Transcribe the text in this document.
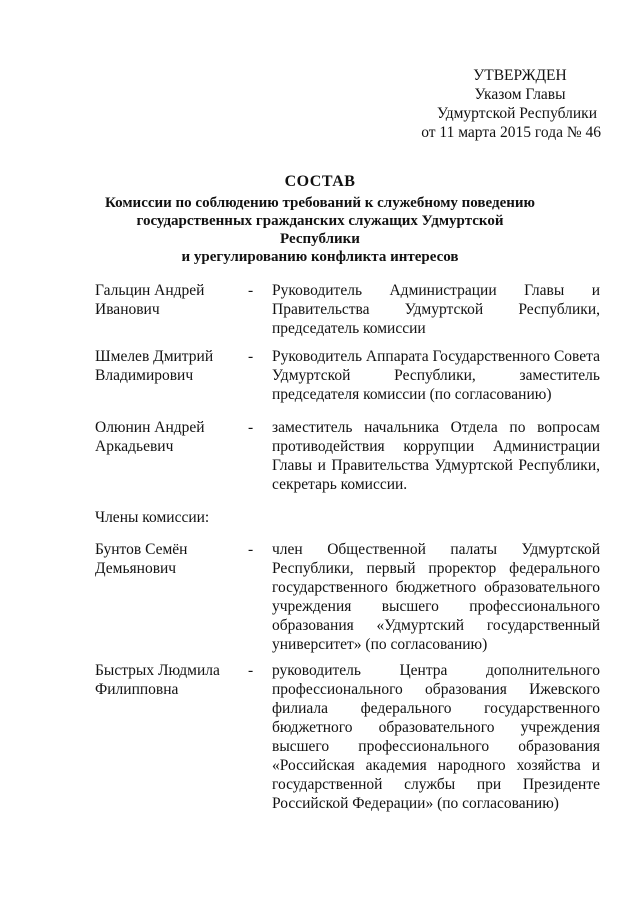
УТВЕРЖДЕН
Указом Главы
Удмуртской Республики
от 11 марта 2015 года № 46
СОСТАВ
Комиссии по соблюдению требований к служебному поведению
государственных гражданских служащих Удмуртской Республики
и урегулированию конфликта интересов
Гальцин Андрей
Иванович
-	Руководитель Администрации Главы и Правительства Удмуртской Республики, председатель комиссии
Шмелев Дмитрий
Владимирович
-	Руководитель Аппарата Государственного Совета Удмуртской Республики, заместитель председателя комиссии (по согласованию)
Олюнин Андрей
Аркадьевич
-	заместитель начальника Отдела по вопросам противодействия коррупции Администрации Главы и Правительства Удмуртской Республики, секретарь комиссии.
Члены комиссии:
Бунтов Семён
Демьянович
-	член Общественной палаты Удмуртской Республики, первый проректор федерального государственного бюджетного образовательного учреждения высшего профессионального образования «Удмуртский государственный университет» (по согласованию)
Быстрых Людмила
Филипповна
-	руководитель Центра дополнительного профессионального образования Ижевского филиала федерального государственного бюджетного образовательного учреждения высшего профессионального образования «Российская академия народного хозяйства и государственной службы при Президенте Российской Федерации» (по согласованию)
